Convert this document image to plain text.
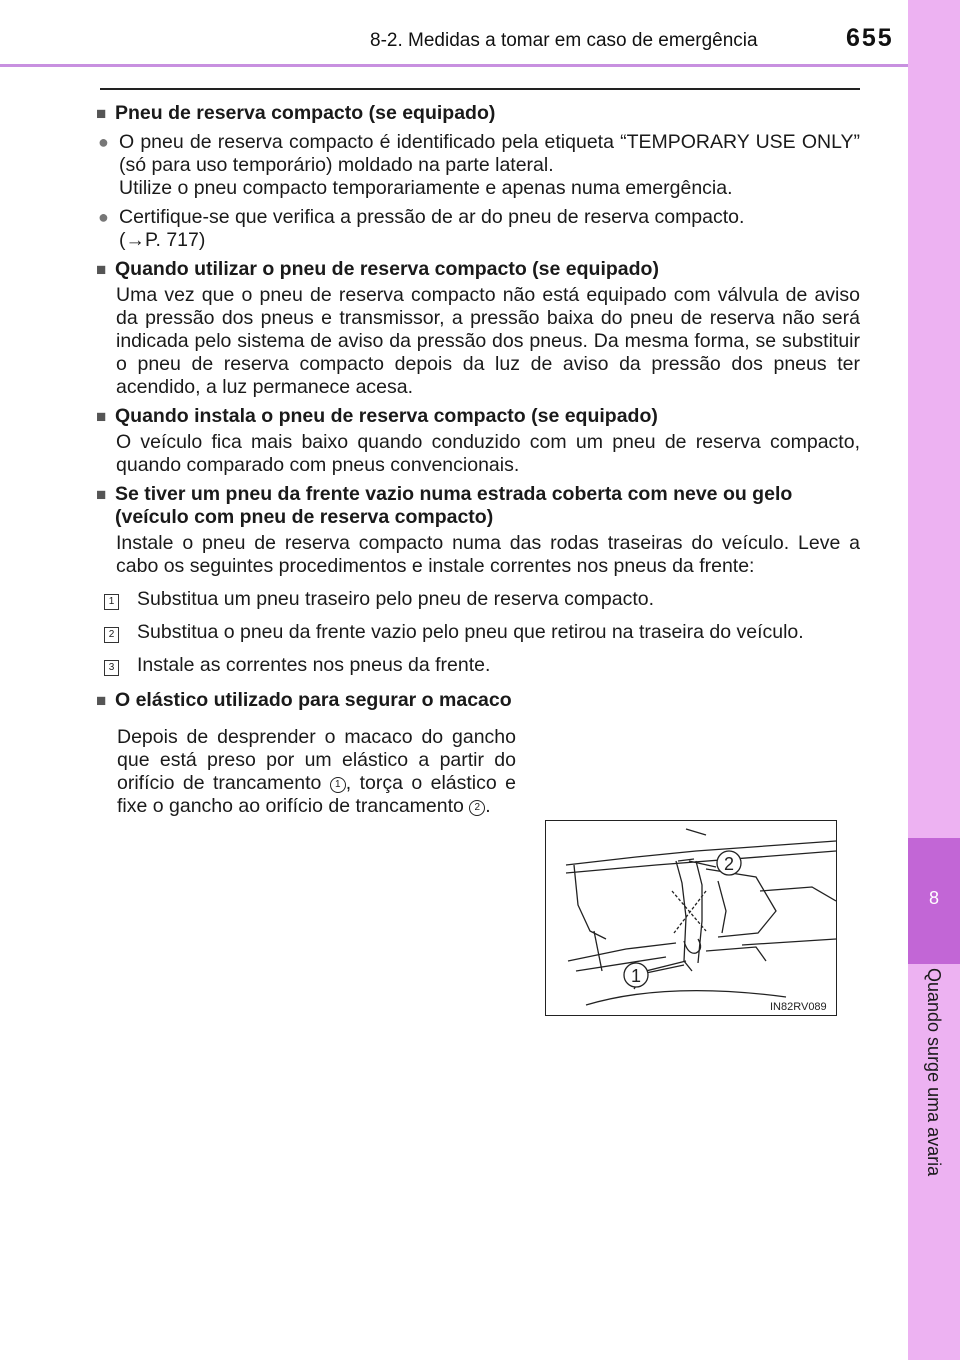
8-2. Medidas a tomar em caso de emergência	655
8
Quando surge uma avaria
■ Pneu de reserva compacto (se equipado)
● O pneu de reserva compacto é identificado pela etiqueta “TEMPORARY USE ONLY” (só para uso temporário) moldado na parte lateral.
Utilize o pneu compacto temporariamente e apenas numa emergência.
● Certifique-se que verifica a pressão de ar do pneu de reserva compacto.
(→P. 717)
■ Quando utilizar o pneu de reserva compacto (se equipado)
Uma vez que o pneu de reserva compacto não está equipado com válvula de aviso da pressão dos pneus e transmissor, a pressão baixa do pneu de reserva não será indicada pelo sistema de aviso da pressão dos pneus. Da mesma forma, se substituir o pneu de reserva compacto depois da luz de aviso da pressão dos pneus ter acendido, a luz permanece acesa.
■ Quando instala o pneu de reserva compacto (se equipado)
O veículo fica mais baixo quando conduzido com um pneu de reserva compacto, quando comparado com pneus convencionais.
■ Se tiver um pneu da frente vazio numa estrada coberta com neve ou gelo (veículo com pneu de reserva compacto)
Instale o pneu de reserva compacto numa das rodas traseiras do veículo. Leve a cabo os seguintes procedimentos e instale correntes nos pneus da frente:
1 Substitua um pneu traseiro pelo pneu de reserva compacto.
2 Substitua o pneu da frente vazio pelo pneu que retirou na traseira do veículo.
3 Instale as correntes nos pneus da frente.
■ O elástico utilizado para segurar o macaco
Depois de desprender o macaco do gancho que está preso por um elástico a partir do orifício de trancamento 1 , torça o elástico e fixe o gancho ao orifício de trancamento 2 .
1
2
IN82RV089
